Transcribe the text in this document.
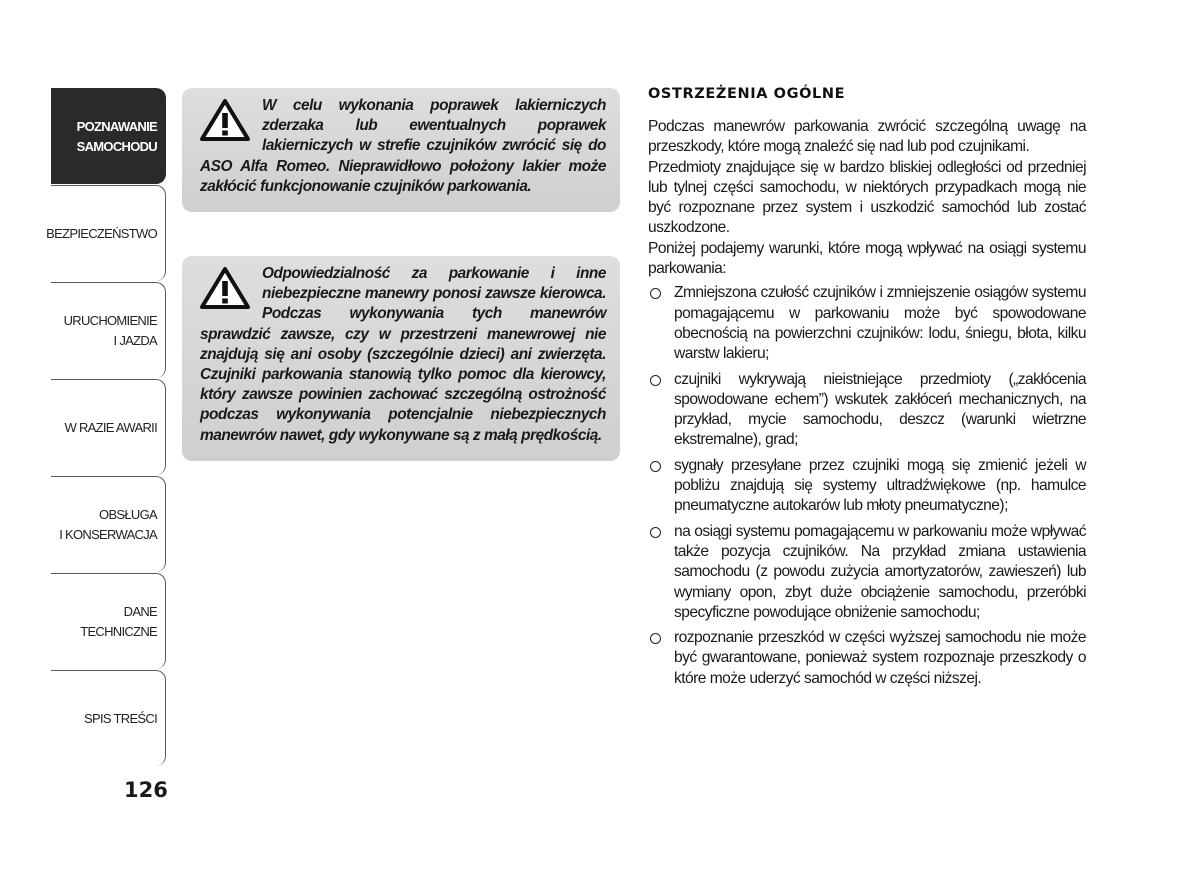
POZNAWANIE
SAMOCHODU
BEZPIECZEŃSTWO
URUCHOMIENIE
I JAZDA
W RAZIE AWARII
OBSŁUGA
I KONSERWACJA
DANE
TECHNICZNE
SPIS TREŚCI
126
W celu wykonania poprawek lakierniczych zderzaka lub ewentualnych poprawek lakierniczych w strefie czujników zwrócić się do ASO Alfa Romeo. Nieprawidłowo położony lakier może zakłócić funkcjonowanie czujników parkowania.
Odpowiedzialność za parkowanie i inne niebezpieczne manewry ponosi zawsze kierowca. Podczas wykonywania tych manewrów sprawdzić zawsze, czy w przestrzeni manewrowej nie znajdują się ani osoby (szczególnie dzieci) ani zwierzęta. Czujniki parkowania stanowią tylko pomoc dla kierowcy, który zawsze powinien zachować szczególną ostrożność podczas wykonywania potencjalnie niebezpiecznych manewrów nawet, gdy wykonywane są z małą prędkością.
OSTRZEŻENIA OGÓLNE

Podczas manewrów parkowania zwrócić szczególną uwagę na przeszkody, które mogą znaleźć się nad lub pod czujnikami.

Przedmioty znajdujące się w bardzo bliskiej odległości od przedniej lub tylnej części samochodu, w niektórych przypadkach mogą nie być rozpoznane przez system i uszkodzić samochód lub zostać uszkodzone.

Poniżej podajemy warunki, które mogą wpływać na osiągi systemu parkowania:

Zmniejszona czułość czujników i zmniejszenie osiągów systemu pomagającemu w parkowaniu może być spowodowane obecnością na powierzchni czujników: lodu, śniegu, błota, kilku warstw lakieru;
czujniki wykrywają nieistniejące przedmioty („zakłócenia spowodowane echem”) wskutek zakłóceń mechanicznych, na przykład, mycie samochodu, deszcz (warunki wietrzne ekstremalne), grad;
sygnały przesyłane przez czujniki mogą się zmienić jeżeli w pobliżu znajdują się systemy ultradźwiękowe (np. hamulce pneumatyczne autokarów lub młoty pneumatyczne);
na osiągi systemu pomagającemu w parkowaniu może wpływać także pozycja czujników. Na przykład zmiana ustawienia samochodu (z powodu zużycia amortyzatorów, zawieszeń) lub wymiany opon, zbyt duże obciążenie samochodu, przeróbki specyficzne powodujące obniżenie samochodu;
rozpoznanie przeszkód w części wyższej samochodu nie może być gwarantowane, ponieważ system rozpoznaje przeszkody o które może uderzyć samochód w części niższej.
